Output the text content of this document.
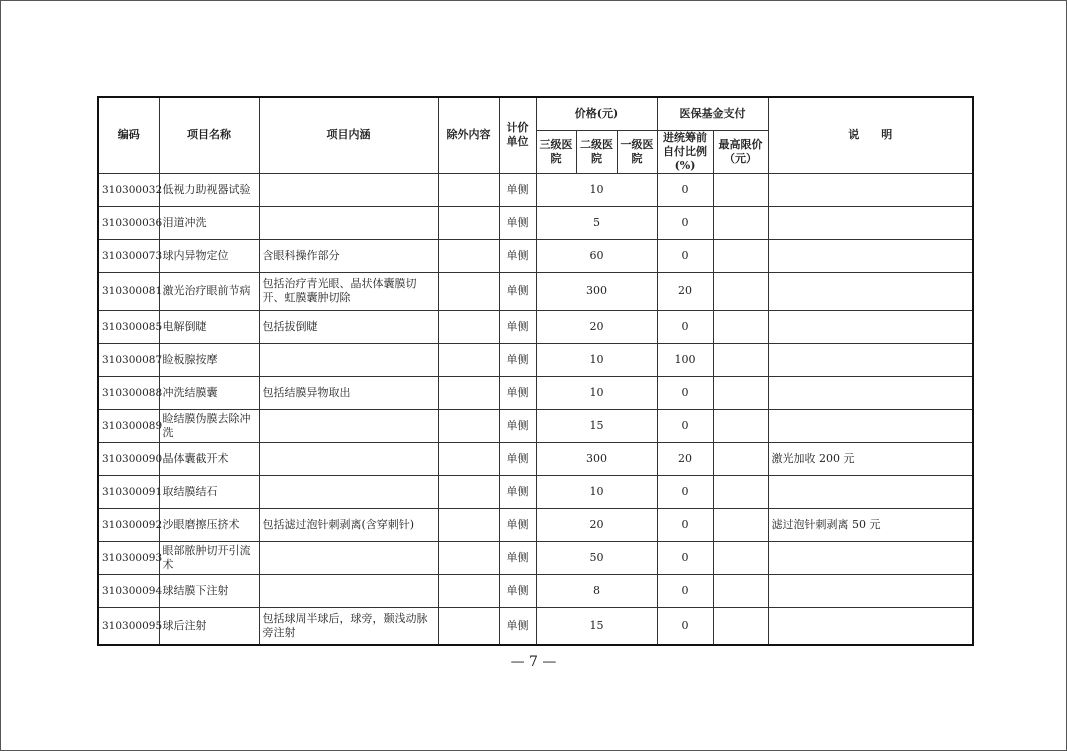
编码	项目名称	项目内涵	除外内容	计价单位	价格(元)			医保基金支付		说　　明
					三级医院	二级医院	一级医院	进统筹前自付比例(%)	最高限价（元）	
310300032	低视力助视器试验			单侧	10			0		
310300036	泪道冲洗			单侧	5			0		
310300073	球内异物定位	含眼科操作部分		单侧	60			0		
310300081	激光治疗眼前节病	包括治疗青光眼、晶状体囊膜切开、虹膜囊肿切除		单侧	300			20		
310300085	电解倒睫	包括拔倒睫		单侧	20			0		
310300087	睑板腺按摩			单侧	10			100		
310300088	冲洗结膜囊	包括结膜异物取出		单侧	10			0		
310300089	睑结膜伪膜去除冲洗			单侧	15			0		
310300090	晶体囊截开术			单侧	300			20		激光加收 200 元
310300091	取结膜结石			单侧	10			0		
310300092	沙眼磨擦压挤术	包括滤过泡针刺剥离(含穿刺针)		单侧	20			0		滤过泡针刺剥离 50 元
310300093	眼部脓肿切开引流术			单侧	50			0		
310300094	球结膜下注射			单侧	8			0		
310300095	球后注射	包括球周半球后，球旁，颞浅动脉旁注射		单侧	15			0		
— 7 —
